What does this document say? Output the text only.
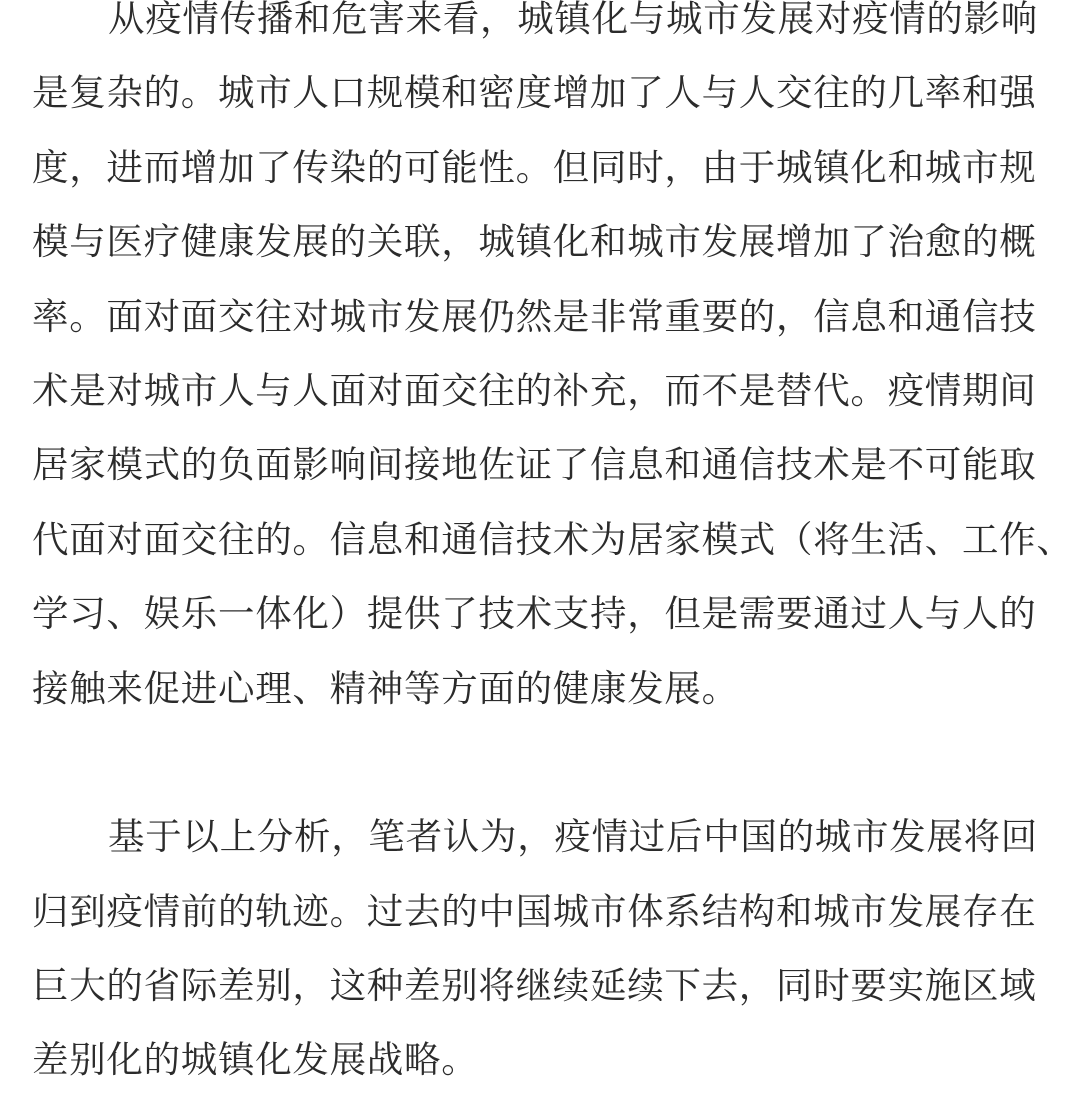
从疫情传播和危害来看，城镇化与城市发展对疫情的影响
是复杂的。城市人口规模和密度增加了人与人交往的几率和强
度，进而增加了传染的可能性。但同时，由于城镇化和城市规
模与医疗健康发展的关联，城镇化和城市发展增加了治愈的概
率。面对面交往对城市发展仍然是非常重要的，信息和通信技
术是对城市人与人面对面交往的补充，而不是替代。疫情期间
居家模式的负面影响间接地佐证了信息和通信技术是不可能取
代面对面交往的。信息和通信技术为居家模式（将生活、工作、
学习、娱乐一体化）提供了技术支持，但是需要通过人与人的
接触来促进心理、精神等方面的健康发展。
基于以上分析，笔者认为，疫情过后中国的城市发展将回
归到疫情前的轨迹。过去的中国城市体系结构和城市发展存在
巨大的省际差别，这种差别将继续延续下去，同时要实施区域
差别化的城镇化发展战略。
